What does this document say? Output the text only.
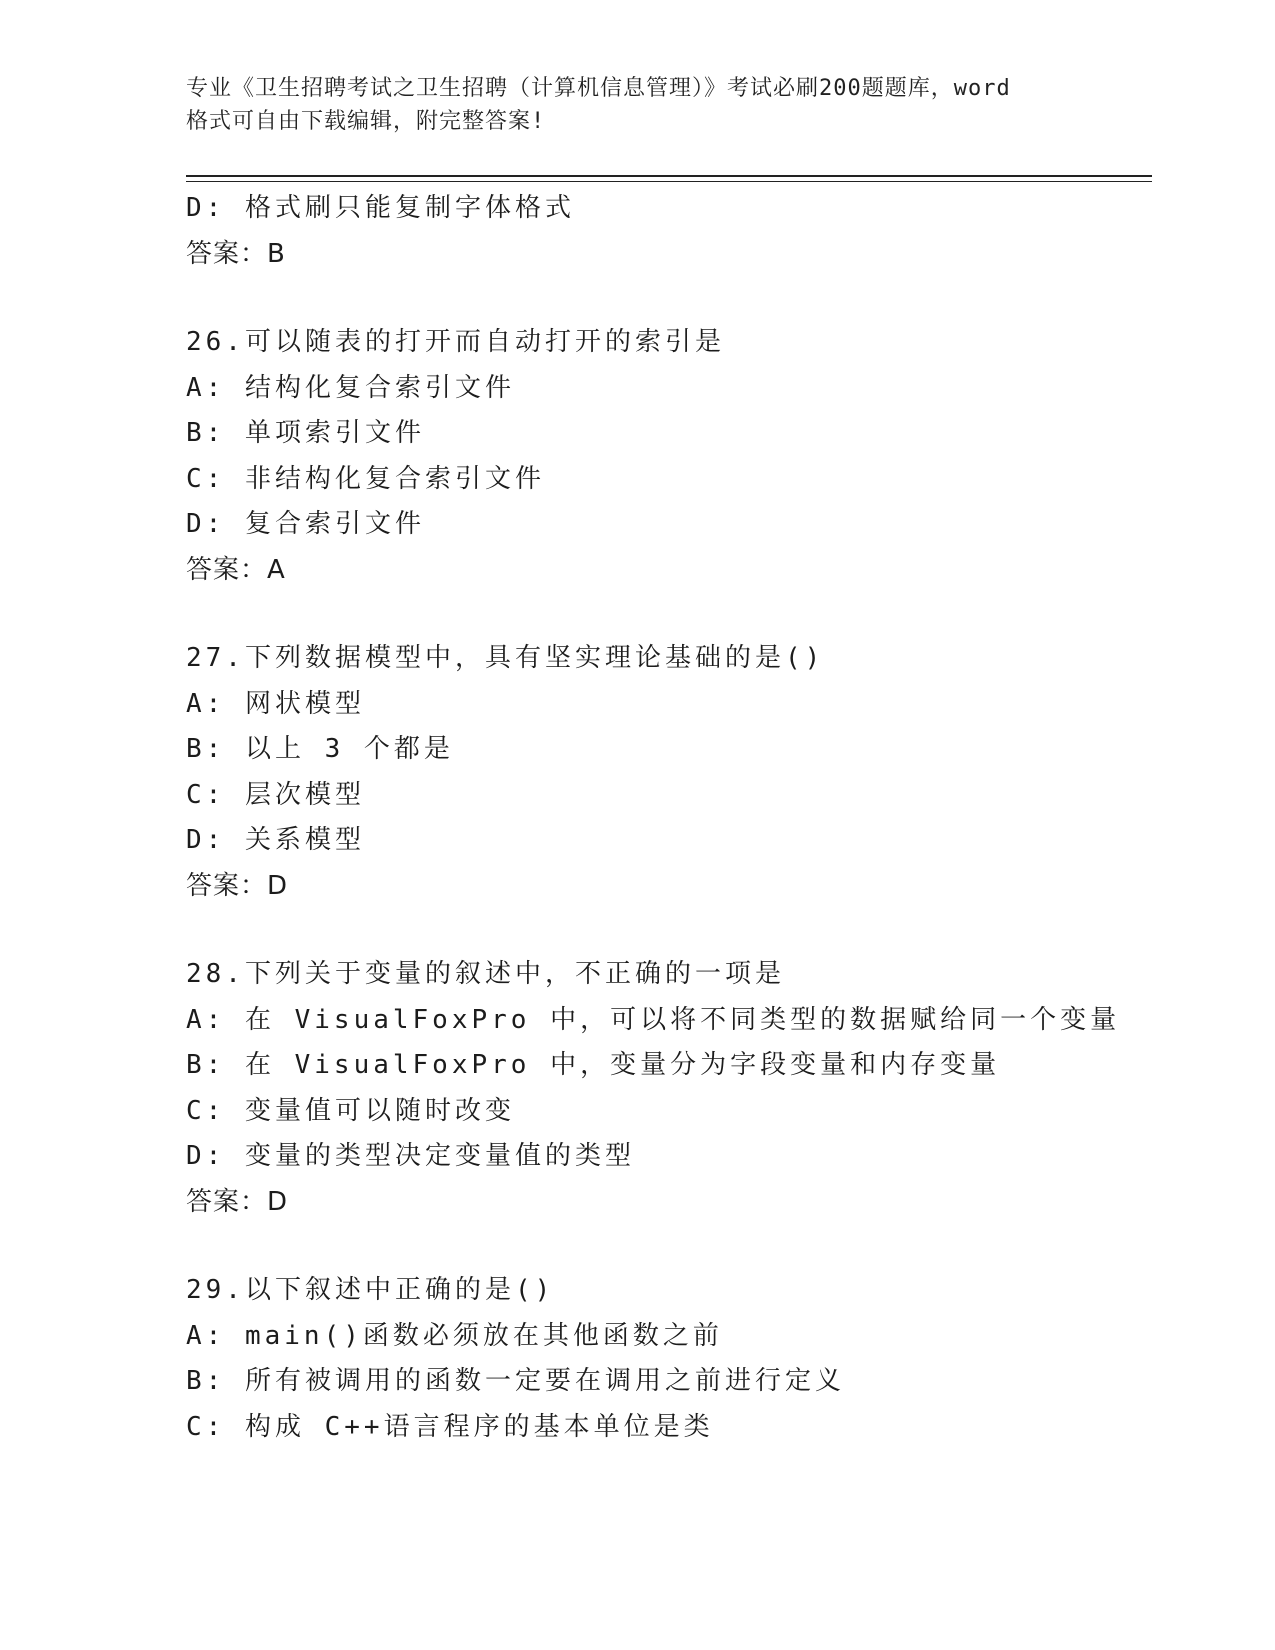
专业《卫生招聘考试之卫生招聘（计算机信息管理）》考试必刷200题题库，word
格式可自由下载编辑，附完整答案!
D: 格式刷只能复制字体格式
答案：B
26.可以随表的打开而自动打开的索引是
A: 结构化复合索引文件
B: 单项索引文件
C: 非结构化复合索引文件
D: 复合索引文件
答案：A
27.下列数据模型中，具有坚实理论基础的是()
A: 网状模型
B: 以上 3 个都是
C: 层次模型
D: 关系模型
答案：D
28.下列关于变量的叙述中，不正确的一项是
A: 在 VisualFoxPro 中，可以将不同类型的数据赋给同一个变量
B: 在 VisualFoxPro 中，变量分为字段变量和内存变量
C: 变量值可以随时改变
D: 变量的类型决定变量值的类型
答案：D
29.以下叙述中正确的是()
A: main()函数必须放在其他函数之前
B: 所有被调用的函数一定要在调用之前进行定义
C: 构成 C++语言程序的基本单位是类
